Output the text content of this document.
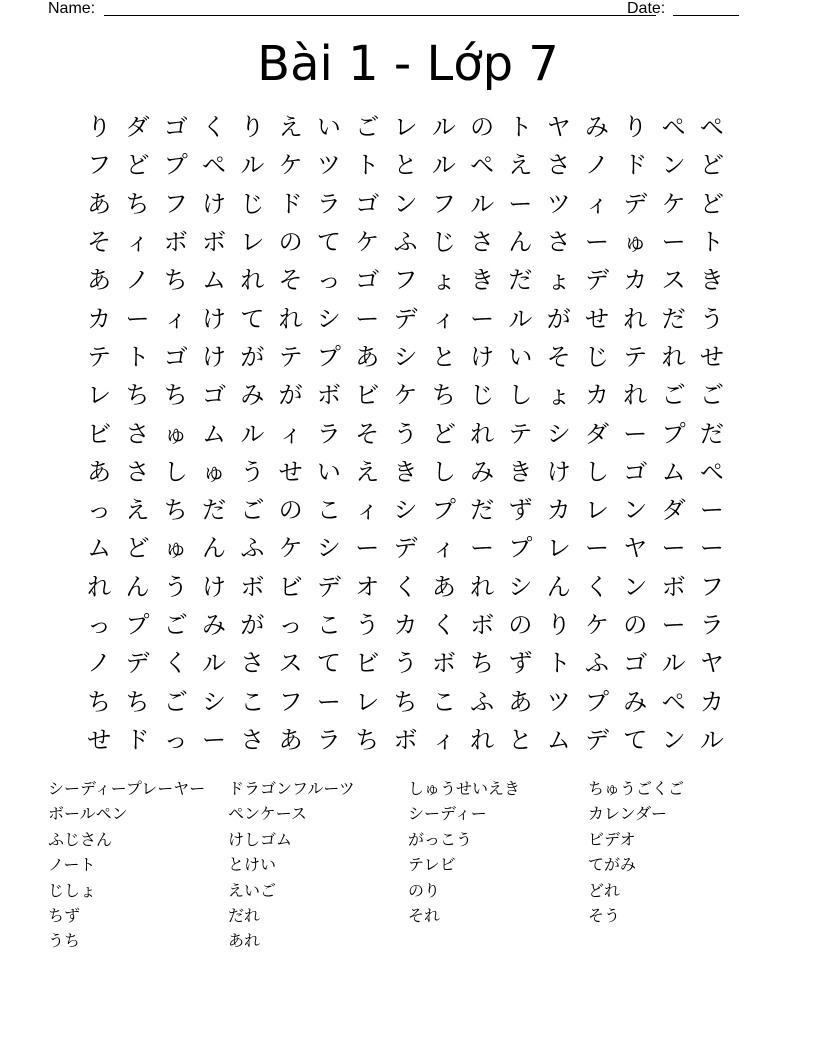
Name:	Date:
Bài 1 - Lớp 7
り ダ ゴ く り え い ご レ ル の ト ヤ み り ペ ペ
フ ど プ ペ ル ケ ツ ト と ル ペ え さ ノ ド ン ど
あ ち フ け じ ド ラ ゴ ン フ ル ー ツ ィ デ ケ ど
そ ィ ボ ボ レ の て ケ ふ じ さ ん さ ー ゅ ー ト
あ ノ ち ム れ そ っ ゴ フ ょ き だ ょ デ カ ス き
カ ー ィ け て れ シ ー デ ィ ー ル が せ れ だ う
テ ト ゴ け が テ プ あ シ と け い そ じ テ れ せ
レ ち ち ゴ み が ボ ビ ケ ち じ し ょ カ れ ご ご
ビ さ ゅ ム ル ィ ラ そ う ど れ テ シ ダ ー プ だ
あ さ し ゅ う せ い え き し み き け し ゴ ム ペ
っ え ち だ ご の こ ィ シ プ だ ず カ レ ン ダ ー
ム ど ゅ ん ふ ケ シ ー デ ィ ー プ レ ー ヤ ー ー
れ ん う け ボ ビ デ オ く あ れ シ ん く ン ボ フ
っ プ ご み が っ こ う カ く ボ の り ケ の ー ラ
ノ デ く ル さ ス て ビ う ボ ち ず ト ふ ゴ ル ヤ
ち ち ご シ こ フ ー レ ち こ ふ あ ツ プ み ペ カ
せ ド っ ー さ あ ラ ち ボ ィ れ と ム デ て ン ル
シーディープレーヤー
ボールペン
ふじさん
ノート
じしょ
ちず
うち
ドラゴンフルーツ
ペンケース
けしゴム
とけい
えいご
だれ
あれ
しゅうせいえき
シーディー
がっこう
テレビ
のり
それ
ちゅうごくご
カレンダー
ビデオ
てがみ
どれ
そう
